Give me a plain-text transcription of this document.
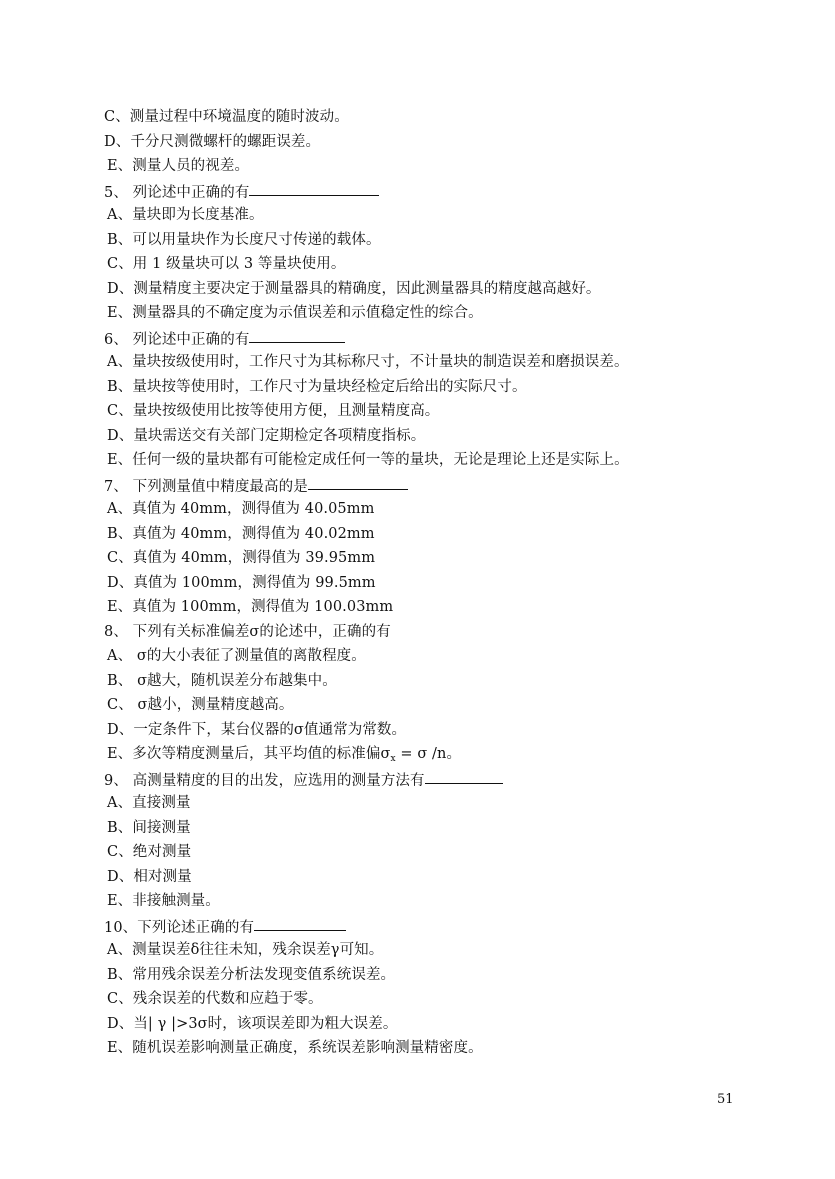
C、测量过程中环境温度的随时波动。
D、千分尺测微螺杆的螺距误差。
E、测量人员的视差。
5、 列论述中正确的有
A、量块即为长度基准。
B、可以用量块作为长度尺寸传递的载体。
C、用 1 级量块可以 3 等量块使用。
D、测量精度主要决定于测量器具的精确度，因此测量器具的精度越高越好。
E、测量器具的不确定度为示值误差和示值稳定性的综合。
6、 列论述中正确的有
A、量块按级使用时，工作尺寸为其标称尺寸，不计量块的制造误差和磨损误差。
B、量块按等使用时，工作尺寸为量块经检定后给出的实际尺寸。
C、量块按级使用比按等使用方便，且测量精度高。
D、量块需送交有关部门定期检定各项精度指标。
E、任何一级的量块都有可能检定成任何一等的量块，无论是理论上还是实际上。
7、 下列测量值中精度最高的是
A、真值为 40mm，测得值为 40.05mm
B、真值为 40mm，测得值为 40.02mm
C、真值为 40mm，测得值为 39.95mm
D、真值为 100mm，测得值为 99.5mm
E、真值为 100mm，测得值为 100.03mm
8、 下列有关标准偏差σ的论述中，正确的有
A、 σ的大小表征了测量值的离散程度。
B、 σ越大，随机误差分布越集中。
C、 σ越小，测量精度越高。
D、一定条件下，某台仪器的σ值通常为常数。
E、多次等精度测量后，其平均值的标准偏$\sigma_x = \sigma$ /n。
9、 高测量精度的目的出发，应选用的测量方法有
A、直接测量
B、间接测量
C、绝对测量
D、相对测量
E、非接触测量。
10、下列论述正确的有
A、测量误差δ往往未知，残余误差γ可知。
B、常用残余误差分析法发现变值系统误差。
C、残余误差的代数和应趋于零。
D、当| γ |>3σ时，该项误差即为粗大误差。
E、随机误差影响测量正确度，系统误差影响测量精密度。
51
